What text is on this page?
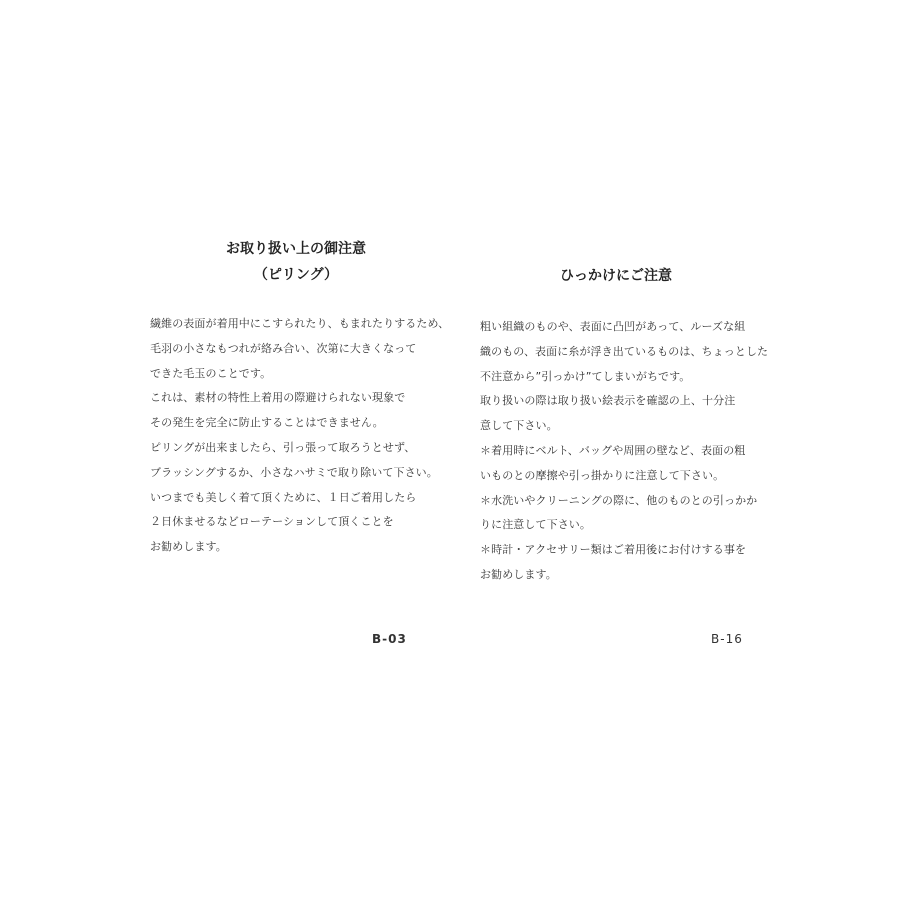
お取り扱い上の御注意
（ピリング）
繊維の表面が着用中にこすられたり、もまれたりするため、
毛羽の小さなもつれが絡み合い、次第に大きくなって
できた毛玉のことです。
これは、素材の特性上着用の際避けられない現象で
その発生を完全に防止することはできません。
ピリングが出来ましたら、引っ張って取ろうとせず、
ブラッシングするか、小さなハサミで取り除いて下さい。
いつまでも美しく着て頂くために、１日ご着用したら
２日休ませるなどローテーションして頂くことを
お勧めします。
ひっかけにご注意
粗い組織のものや、表面に凸凹があって、ルーズな組
織のもの、表面に糸が浮き出ているものは、ちょっとした
不注意から”引っかけ”てしまいがちです。
取り扱いの際は取り扱い絵表示を確認の上、十分注
意して下さい。
＊着用時にベルト、バッグや周囲の壁など、表面の粗
いものとの摩擦や引っ掛かりに注意して下さい。
＊水洗いやクリーニングの際に、他のものとの引っかか
りに注意して下さい。
＊時計・アクセサリー類はご着用後にお付けする事を
お勧めします。
B-03	B-16
